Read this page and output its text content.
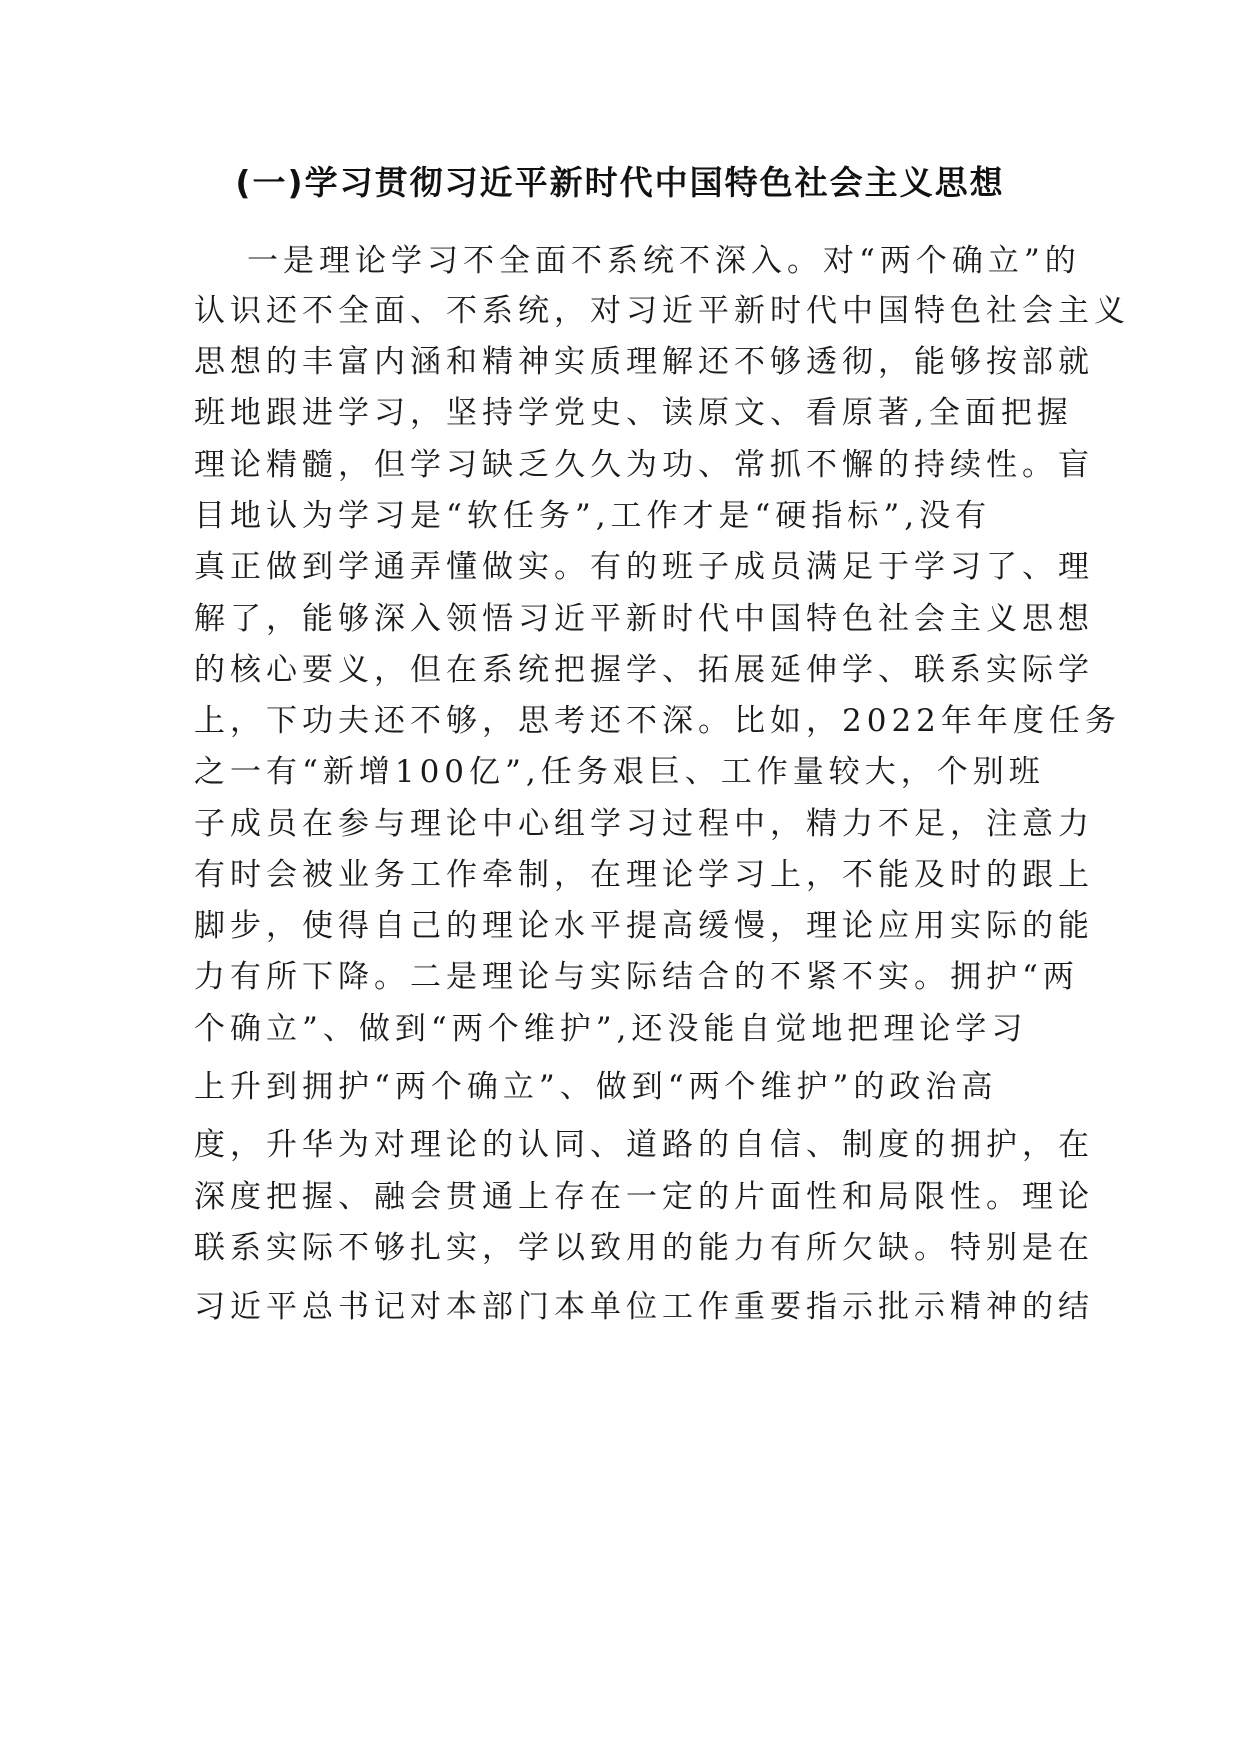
(一)学习贯彻习近平新时代中国特色社会主义思想
一是理论学习不全面不系统不深入。对“两个确立”的
认识还不全面、不系统，对习近平新时代中国特色社会主义
思想的丰富内涵和精神实质理解还不够透彻，能够按部就
班地跟进学习，坚持学党史、读原文、看原著,全面把握
理论精髓，但学习缺乏久久为功、常抓不懈的持续性。盲
目地认为学习是“软任务”,工作才是“硬指标”,没有
真正做到学通弄懂做实。有的班子成员满足于学习了、理
解了，能够深入领悟习近平新时代中国特色社会主义思想
的核心要义，但在系统把握学、拓展延伸学、联系实际学
上，下功夫还不够，思考还不深。比如，2022年年度任务
之一有“新增100亿”,任务艰巨、工作量较大，个别班
子成员在参与理论中心组学习过程中，精力不足，注意力
有时会被业务工作牵制，在理论学习上，不能及时的跟上
脚步，使得自己的理论水平提高缓慢，理论应用实际的能
力有所下降。二是理论与实际结合的不紧不实。拥护“两
个确立”、做到“两个维护”,还没能自觉地把理论学习
上升到拥护“两个确立”、做到“两个维护”的政治高
度，升华为对理论的认同、道路的自信、制度的拥护，在
深度把握、融会贯通上存在一定的片面性和局限性。理论
联系实际不够扎实，学以致用的能力有所欠缺。特别是在
习近平总书记对本部门本单位工作重要指示批示精神的结
